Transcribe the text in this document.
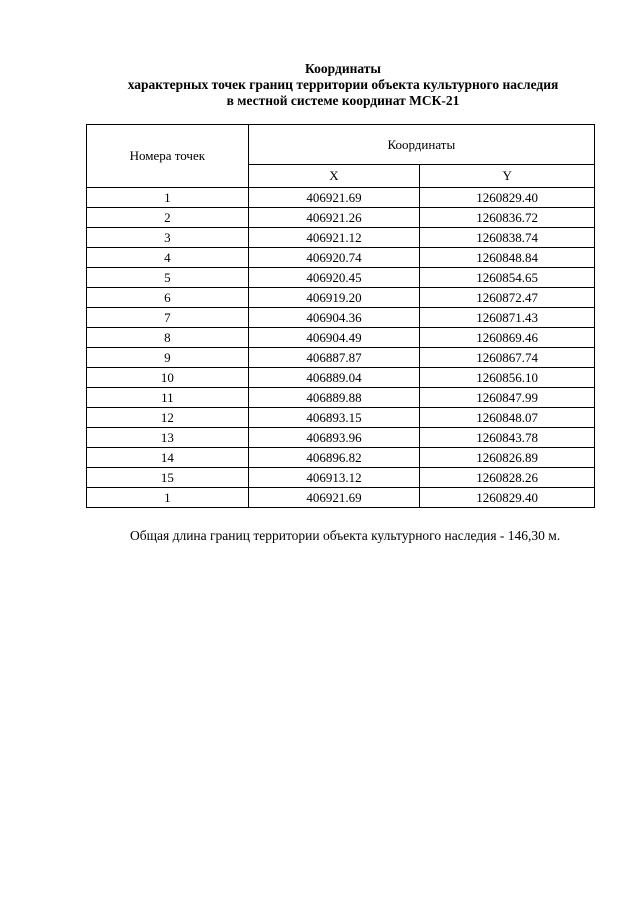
Координаты
характерных точек границ территории объекта культурного наследия
в местной системе координат МСК-21
Номера точек	Координаты	
	X	Y
1	406921.69	1260829.40
2	406921.26	1260836.72
3	406921.12	1260838.74
4	406920.74	1260848.84
5	406920.45	1260854.65
6	406919.20	1260872.47
7	406904.36	1260871.43
8	406904.49	1260869.46
9	406887.87	1260867.74
10	406889.04	1260856.10
11	406889.88	1260847.99
12	406893.15	1260848.07
13	406893.96	1260843.78
14	406896.82	1260826.89
15	406913.12	1260828.26
1	406921.69	1260829.40
Общая длина границ территории объекта культурного наследия - 146,30 м.
